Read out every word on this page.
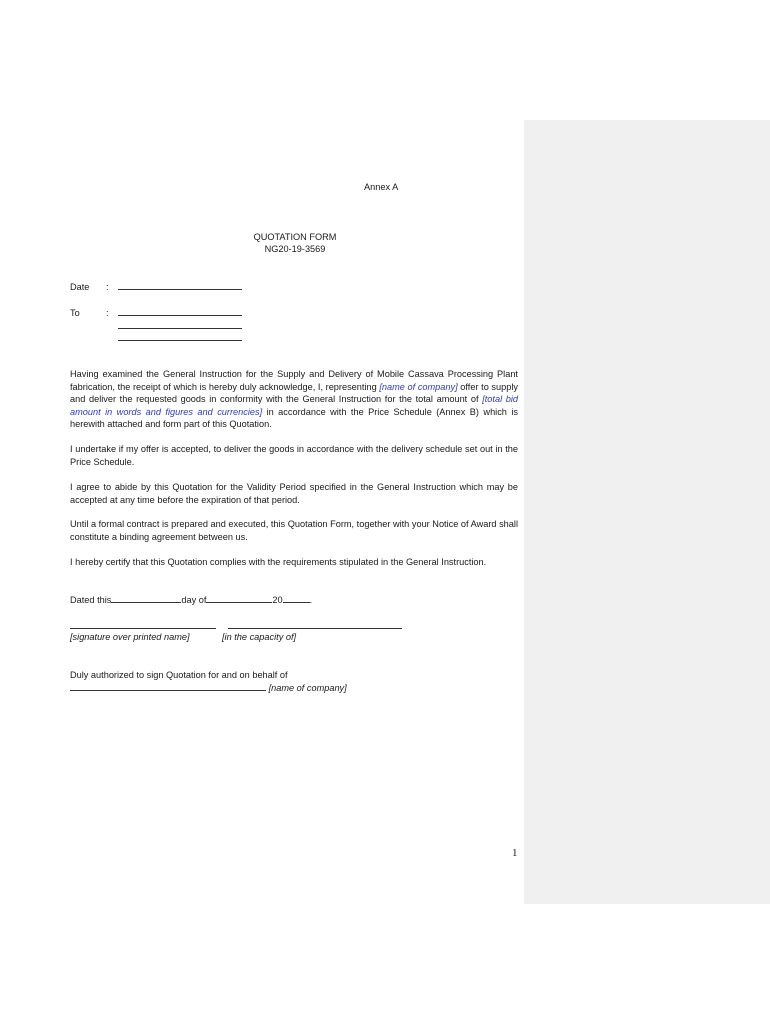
Annex A
QUOTATION FORM
NG20-19-3569
Date :
To	:
Having examined the General Instruction for the Supply and Delivery of Mobile Cassava Processing Plant fabrication, the receipt of which is hereby duly acknowledge, I, representing [name of company] offer to supply and deliver the requested goods in conformity with the General Instruction for the total amount of [total bid amount in words and figures and currencies] in accordance with the Price Schedule (Annex B) which is herewith attached and form part of this Quotation.
I undertake if my offer is accepted, to deliver the goods in accordance with the delivery schedule set out in the Price Schedule.
I agree to abide by this Quotation for the Validity Period specified in the General Instruction which may be accepted at any time before the expiration of that period.
Until a formal contract is prepared and executed, this Quotation Form, together with your Notice of Award shall constitute a binding agreement between us.
I hereby certify that this Quotation complies with the requirements stipulated in the General Instruction.
Dated this	day of	20	.
[signature over printed name]	[in the capacity of]
Duly authorized to sign Quotation for and on behalf of
[name of company]
1
